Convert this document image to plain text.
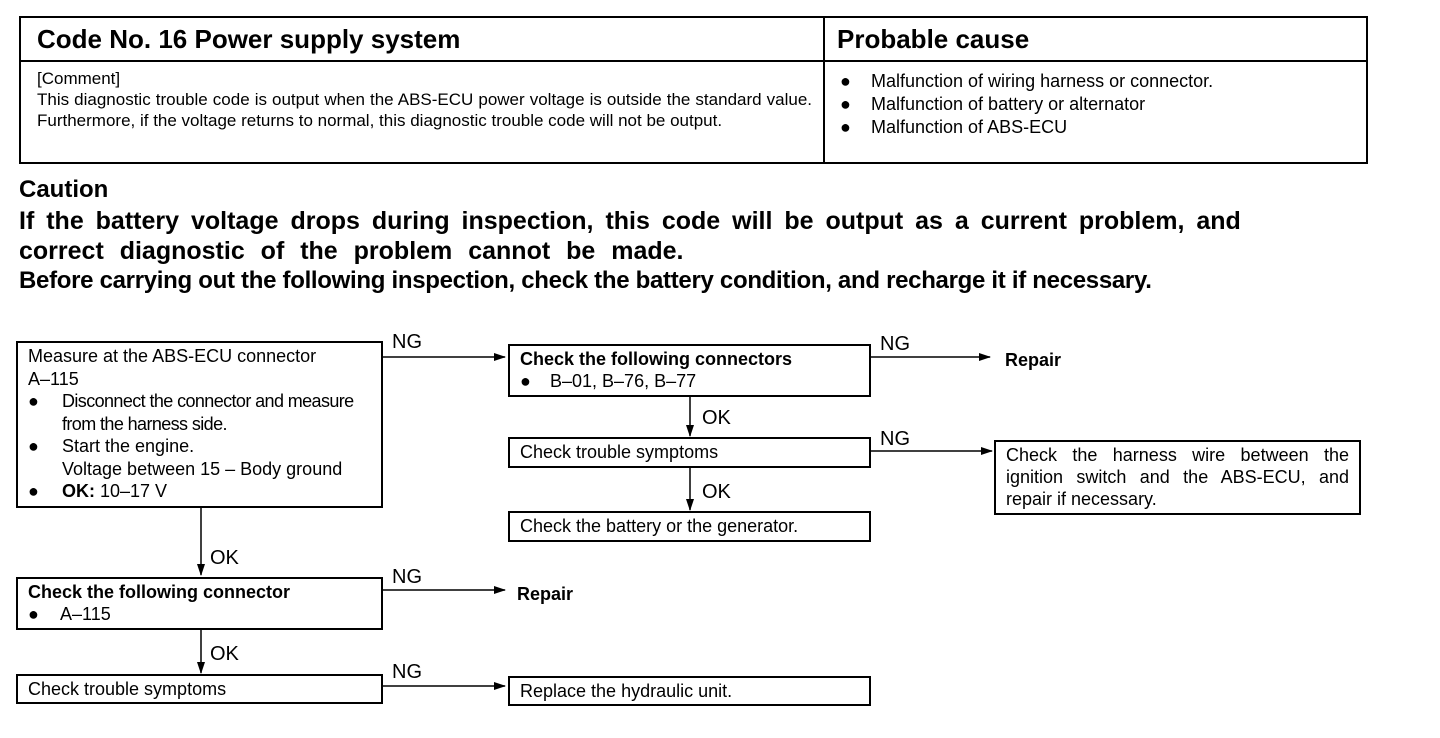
Code No. 16 Power supply system	Probable cause
[Comment]
This diagnostic trouble code is output when the ABS-ECU power voltage is outside the standard value. Furthermore, if the voltage returns to normal, this diagnostic trouble code will not be output.
● Malfunction of wiring harness or connector.
● Malfunction of battery or alternator
● Malfunction of ABS-ECU
Caution
If the battery voltage drops during inspection, this code will be output as a current problem, and
correct diagnostic of the problem cannot be made.
Before carrying out the following inspection, check the battery condition, and recharge it if necessary.
Measure at the ABS-ECU connector
A–115
● Disconnect the connector and measure from the harness side.
● Start the engine.
Voltage between 15 – Body ground
● OK: 10–17 V
Check the following connectors
● B–01, B–76, B–77
Check trouble symptoms
Check the battery or the generator.
Check the harness wire between the ignition switch and the ABS-ECU, and repair if necessary.
Check the following connector
● A–115
Check trouble symptoms	Replace the hydraulic unit.
Repair
Repair
NG	NG
NG
NG
NG
OK
OK
OK
OK
